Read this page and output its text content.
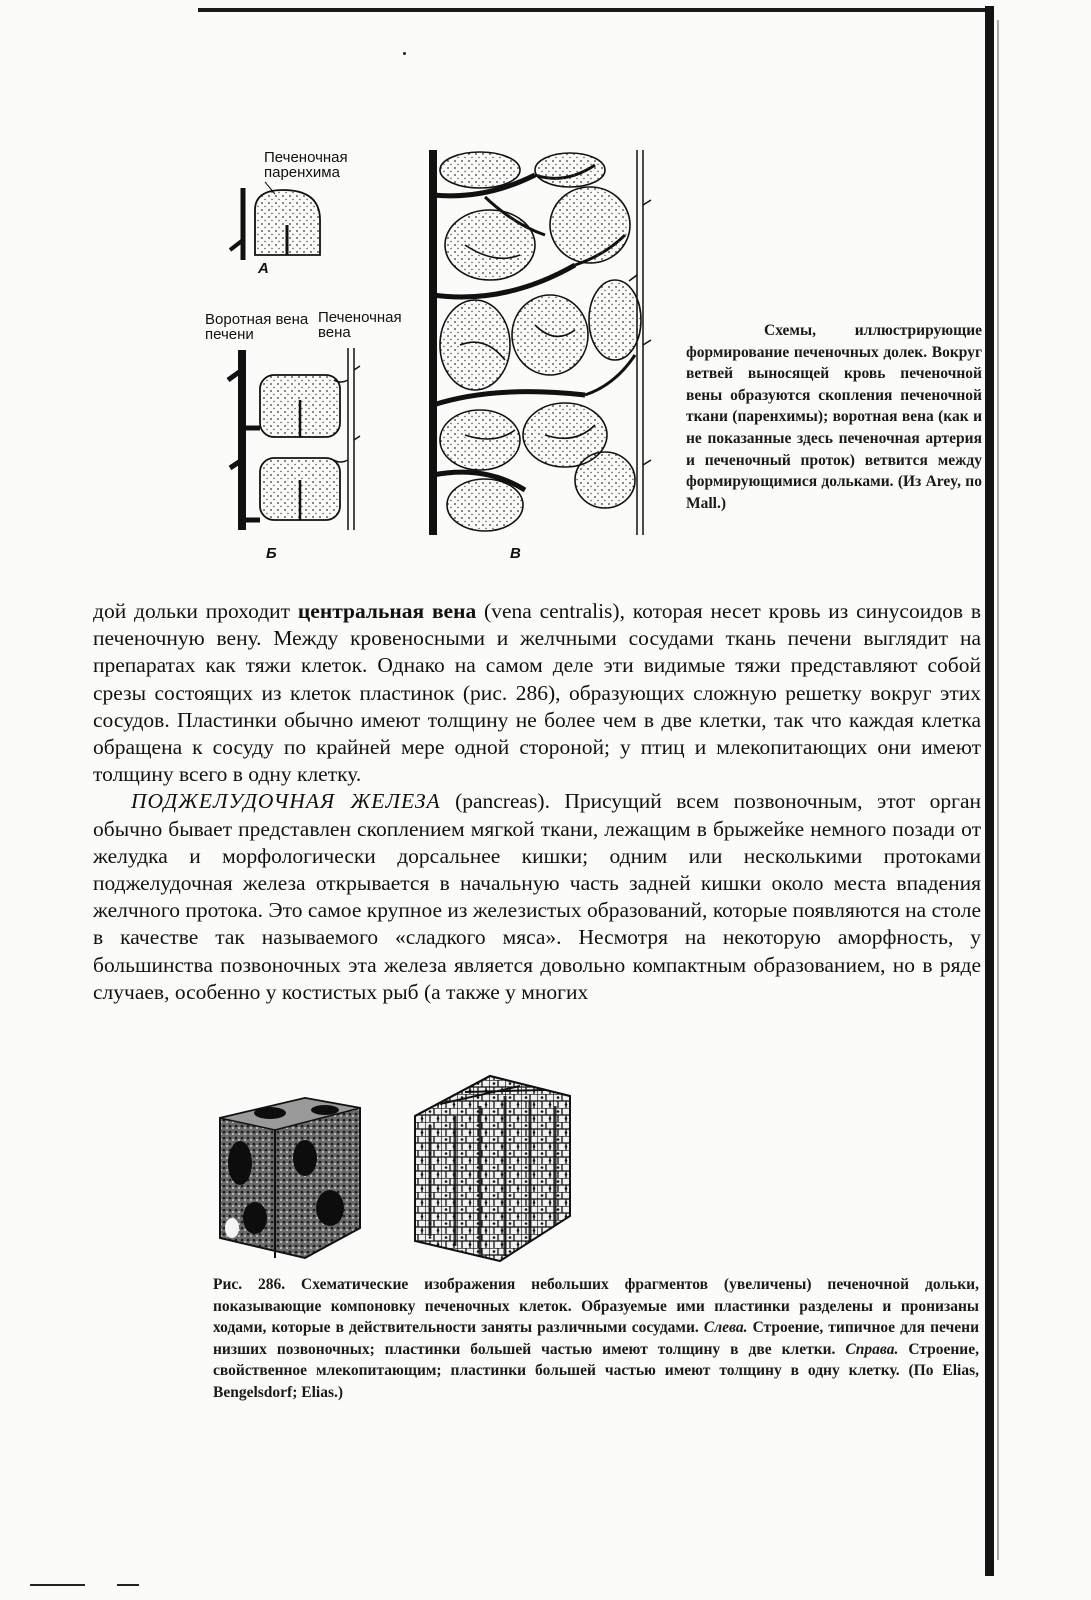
Печеночная паренхима
А
Воротная вена печени
Печеночная вена
Б	В
Схемы, иллюстрирующие формирование печеночных долек. Вокруг ветвей выносящей кровь печеночной вены образуются скопления печеночной ткани (паренхимы); воротная вена (как и не показанные здесь печеночная артерия и печеночный проток) ветвится между формирующимися дольками. (Из Arey, по Mall.)

дой дольки проходит центральная вена (vena centralis), которая несет кровь из синусоидов в печеночную вену. Между кровеносными и желчными сосудами ткань печени выглядит на препаратах как тяжи клеток. Однако на самом деле эти видимые тяжи представляют собой срезы состоящих из клеток пластинок (рис. 286), образующих сложную решетку вокруг этих сосудов. Пластинки обычно имеют толщину не более чем в две клетки, так что каждая клетка обращена к сосуду по крайней мере одной стороной; у птиц и млекопитающих они имеют толщину всего в одну клетку.

ПОДЖЕЛУДОЧНАЯ ЖЕЛЕЗА (pancreas). Присущий всем позвоночным, этот орган обычно бывает представлен скоплением мягкой ткани, лежащим в брыжейке немного позади от желудка и морфологически дорсальнее кишки; одним или несколькими протоками поджелудочная железа открывается в начальную часть задней кишки около места впадения желчного протока. Это самое крупное из железистых образований, которые появляются на столе в качестве так называемого «сладкого мяса». Несмотря на некоторую аморфность, у большинства позвоночных эта железа является довольно компактным образованием, но в ряде случаев, особенно у костистых рыб (а также у многих

Рис. 286. Схематические изображения небольших фрагментов (увеличены) печеночной дольки, показывающие компоновку печеночных клеток. Образуемые ими пластинки разделены и пронизаны ходами, которые в действительности заняты различными сосудами. Слева. Строение, типичное для печени низших позвоночных; пластинки большей частью имеют толщину в две клетки. Справа. Строение, свойственное млекопитающим; пластинки большей частью имеют толщину в одну клетку. (По Elias, Bengelsdorf; Elias.)
